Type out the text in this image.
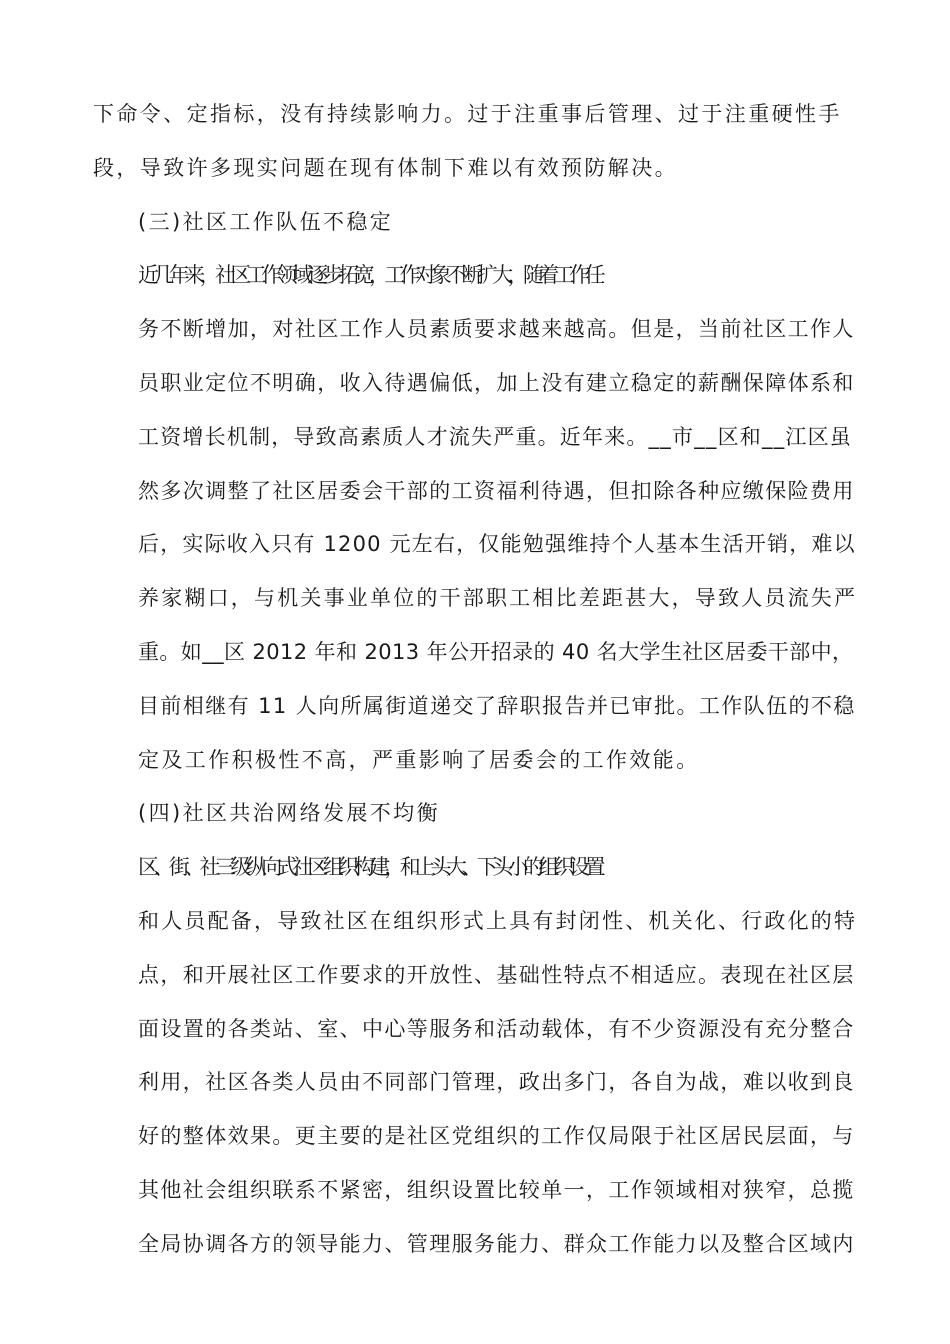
下命令、定指标，没有持续影响力。过于注重事后管理、过于注重硬性手
段，导致许多现实问题在现有体制下难以有效预防解决。

(三)社区工作队伍不稳定

近几年来，社区工作领域逐步拓宽，工作对象不断扩大，随着工作任
务不断增加，对社区工作人员素质要求越来越高。但是，当前社区工作人
员职业定位不明确，收入待遇偏低，加上没有建立稳定的薪酬保障体系和
工资增长机制，导致高素质人才流失严重。近年来。__市__区和__江区虽
然多次调整了社区居委会干部的工资福利待遇，但扣除各种应缴保险费用
后，实际收入只有 1200 元左右，仅能勉强维持个人基本生活开销，难以
养家糊口，与机关事业单位的干部职工相比差距甚大，导致人员流失严
重。如__区 2012 年和 2013 年公开招录的 40 名大学生社区居委干部中，
目前相继有 11 人向所属街道递交了辞职报告并已审批。工作队伍的不稳
定及工作积极性不高，严重影响了居委会的工作效能。

(四)社区共治网络发展不均衡

区、街、社三级纵向式社区组织构建，和上头大、下头小的组织设置
和人员配备，导致社区在组织形式上具有封闭性、机关化、行政化的特
点，和开展社区工作要求的开放性、基础性特点不相适应。表现在社区层
面设置的各类站、室、中心等服务和活动载体，有不少资源没有充分整合
利用，社区各类人员由不同部门管理，政出多门，各自为战，难以收到良
好的整体效果。更主要的是社区党组织的工作仅局限于社区居民层面，与
其他社会组织联系不紧密，组织设置比较单一，工作领域相对狭窄，总揽
全局协调各方的领导能力、管理服务能力、群众工作能力以及整合区域内
